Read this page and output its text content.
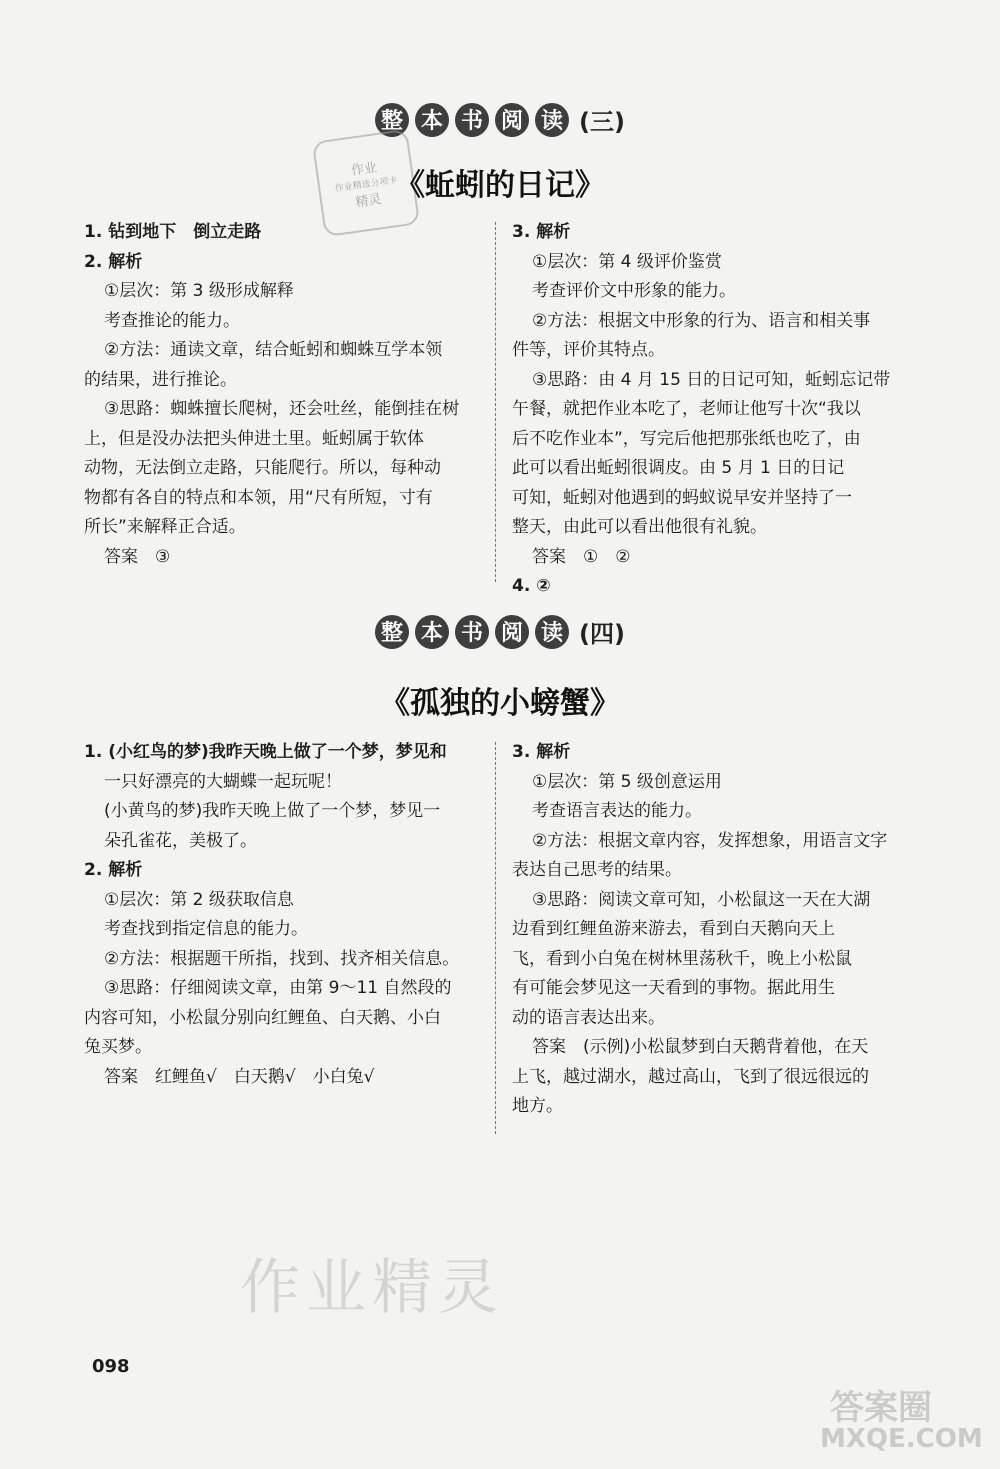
整 本 书 阅 读 (三)
作业
作业精选分项卡
精灵 《蚯蚓的日记》

1. 钻到地下　倒立走路

2. 解析

①层次：第 3 级形成解释

考查推论的能力。

②方法：通读文章，结合蚯蚓和蜘蛛互学本领

的结果，进行推论。

③思路：蜘蛛擅长爬树，还会吐丝，能倒挂在树

上，但是没办法把头伸进土里。蚯蚓属于软体

动物，无法倒立走路，只能爬行。所以，每种动

物都有各自的特点和本领，用“尺有所短，寸有

所长”来解释正合适。

答案　③

3. 解析

①层次：第 4 级评价鉴赏

考查评价文中形象的能力。

②方法：根据文中形象的行为、语言和相关事

件等，评价其特点。

③思路：由 4 月 15 日的日记可知，蚯蚓忘记带

午餐，就把作业本吃了，老师让他写十次“我以

后不吃作业本”，写完后他把那张纸也吃了，由

此可以看出蚯蚓很调皮。由 5 月 1 日的日记

可知，蚯蚓对他遇到的蚂蚁说早安并坚持了一

整天，由此可以看出他很有礼貌。

答案　①　②

4. ②

整 本 书 阅 读 (四)
《孤独的小螃蟹》

1. (小红鸟的梦)我昨天晚上做了一个梦，梦见和

一只好漂亮的大蝴蝶一起玩呢！

(小黄鸟的梦)我昨天晚上做了一个梦，梦见一

朵孔雀花，美极了。

2. 解析

①层次：第 2 级获取信息

考查找到指定信息的能力。

②方法：根据题干所指，找到、找齐相关信息。

③思路：仔细阅读文章，由第 9～11 自然段的

内容可知，小松鼠分别向红鲤鱼、白天鹅、小白

兔买梦。

答案　红鲤鱼√　白天鹅√　小白兔√

3. 解析

①层次：第 5 级创意运用

考查语言表达的能力。

②方法：根据文章内容，发挥想象，用语言文字

表达自己思考的结果。

③思路：阅读文章可知，小松鼠这一天在大湖

边看到红鲤鱼游来游去，看到白天鹅向天上

飞，看到小白兔在树林里荡秋千，晚上小松鼠

有可能会梦见这一天看到的事物。据此用生

动的语言表达出来。

答案　(示例)小松鼠梦到白天鹅背着他，在天

上飞，越过湖水，越过高山，飞到了很远很远的

地方。

作业精灵
098
答案圈
MXQE.COM
